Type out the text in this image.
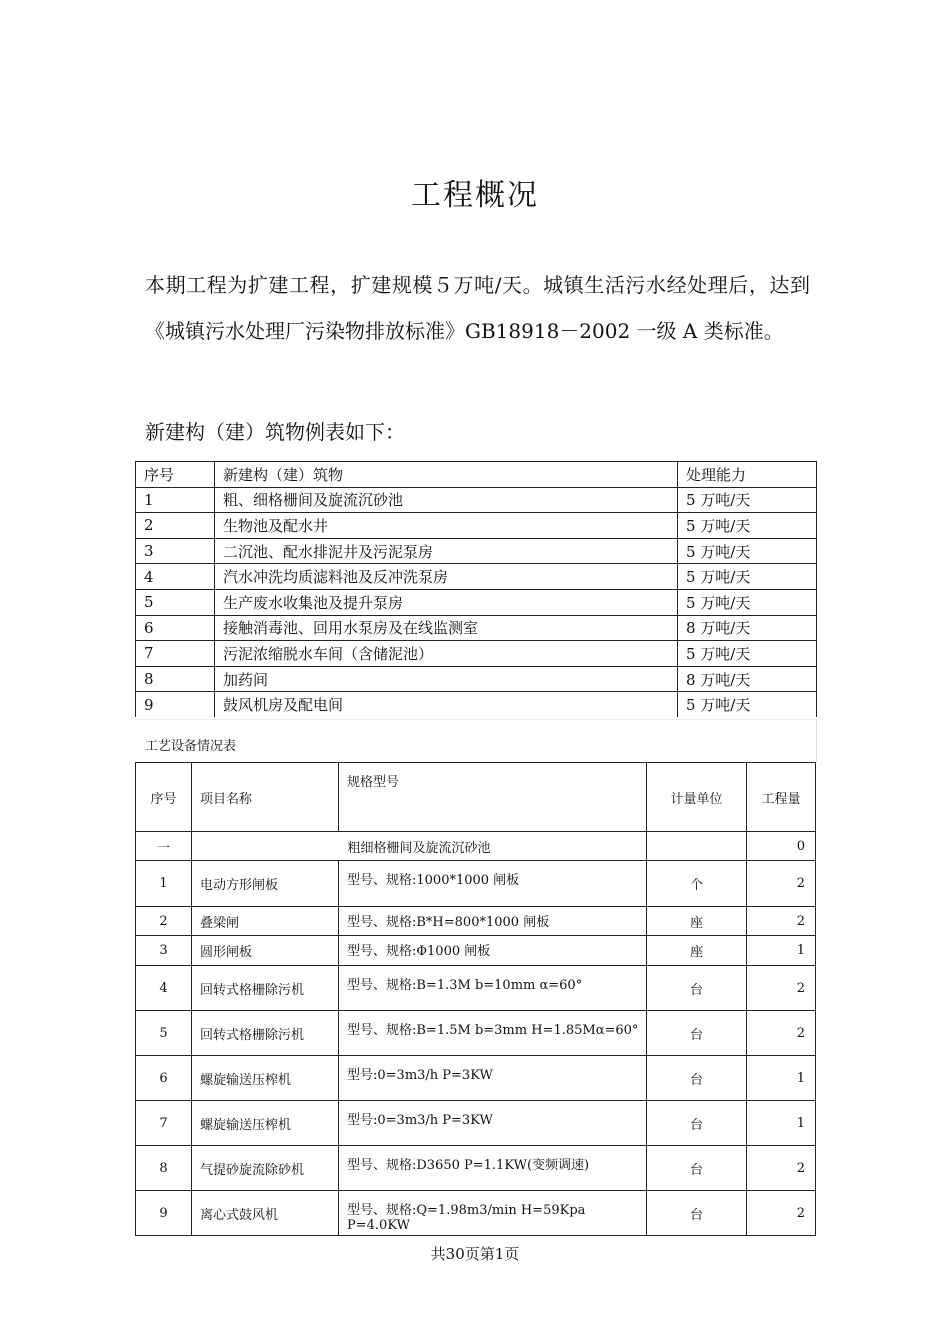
工程概况
本期工程为扩建工程，扩建规模５万吨/天。城镇生活污水经处理后，达到《城镇污水处理厂污染物排放标准》GB18918－2002 一级 A 类标准。
新建构（建）筑物例表如下：
序号	新建构（建）筑物	处理能力
1	粗、细格栅间及旋流沉砂池	5 万吨/天
2	生物池及配水井	5 万吨/天
3	二沉池、配水排泥井及污泥泵房	5 万吨/天
4	汽水冲洗均质滤料池及反冲洗泵房	5 万吨/天
5	生产废水收集池及提升泵房	5 万吨/天
6	接触消毒池、回用水泵房及在线监测室	8 万吨/天
7	污泥浓缩脱水车间（含储泥池）	5 万吨/天
8	加药间	8 万吨/天
9	鼓风机房及配电间	5 万吨/天
工艺设备情况表
序号	项目名称	规格型号	计量单位	工程量
一	粗细格栅间及旋流沉砂池			0
1	电动方形闸板	型号、规格:1000*1000 闸板	个	2
2	叠梁闸	型号、规格:B*H=800*1000 闸板	座	2
3	圆形闸板	型号、规格:Φ1000 闸板	座	1
4	回转式格栅除污机	型号、规格:B=1.3M b=10mm α=60°	台	2
5	回转式格栅除污机	型号、规格:B=1.5M b=3mm H=1.85Mα=60°	台	2
6	螺旋输送压榨机	型号:0=3m3/h P=3KW	台	1
7	螺旋输送压榨机	型号:0=3m3/h P=3KW	台	1
8	气提砂旋流除砂机	型号、规格:D3650 P=1.1KW(变频调速)	台	2
9	离心式鼓风机	型号、规格:Q=1.98m3/min H=59Kpa P=4.0KW	台	2
共30页第1页
